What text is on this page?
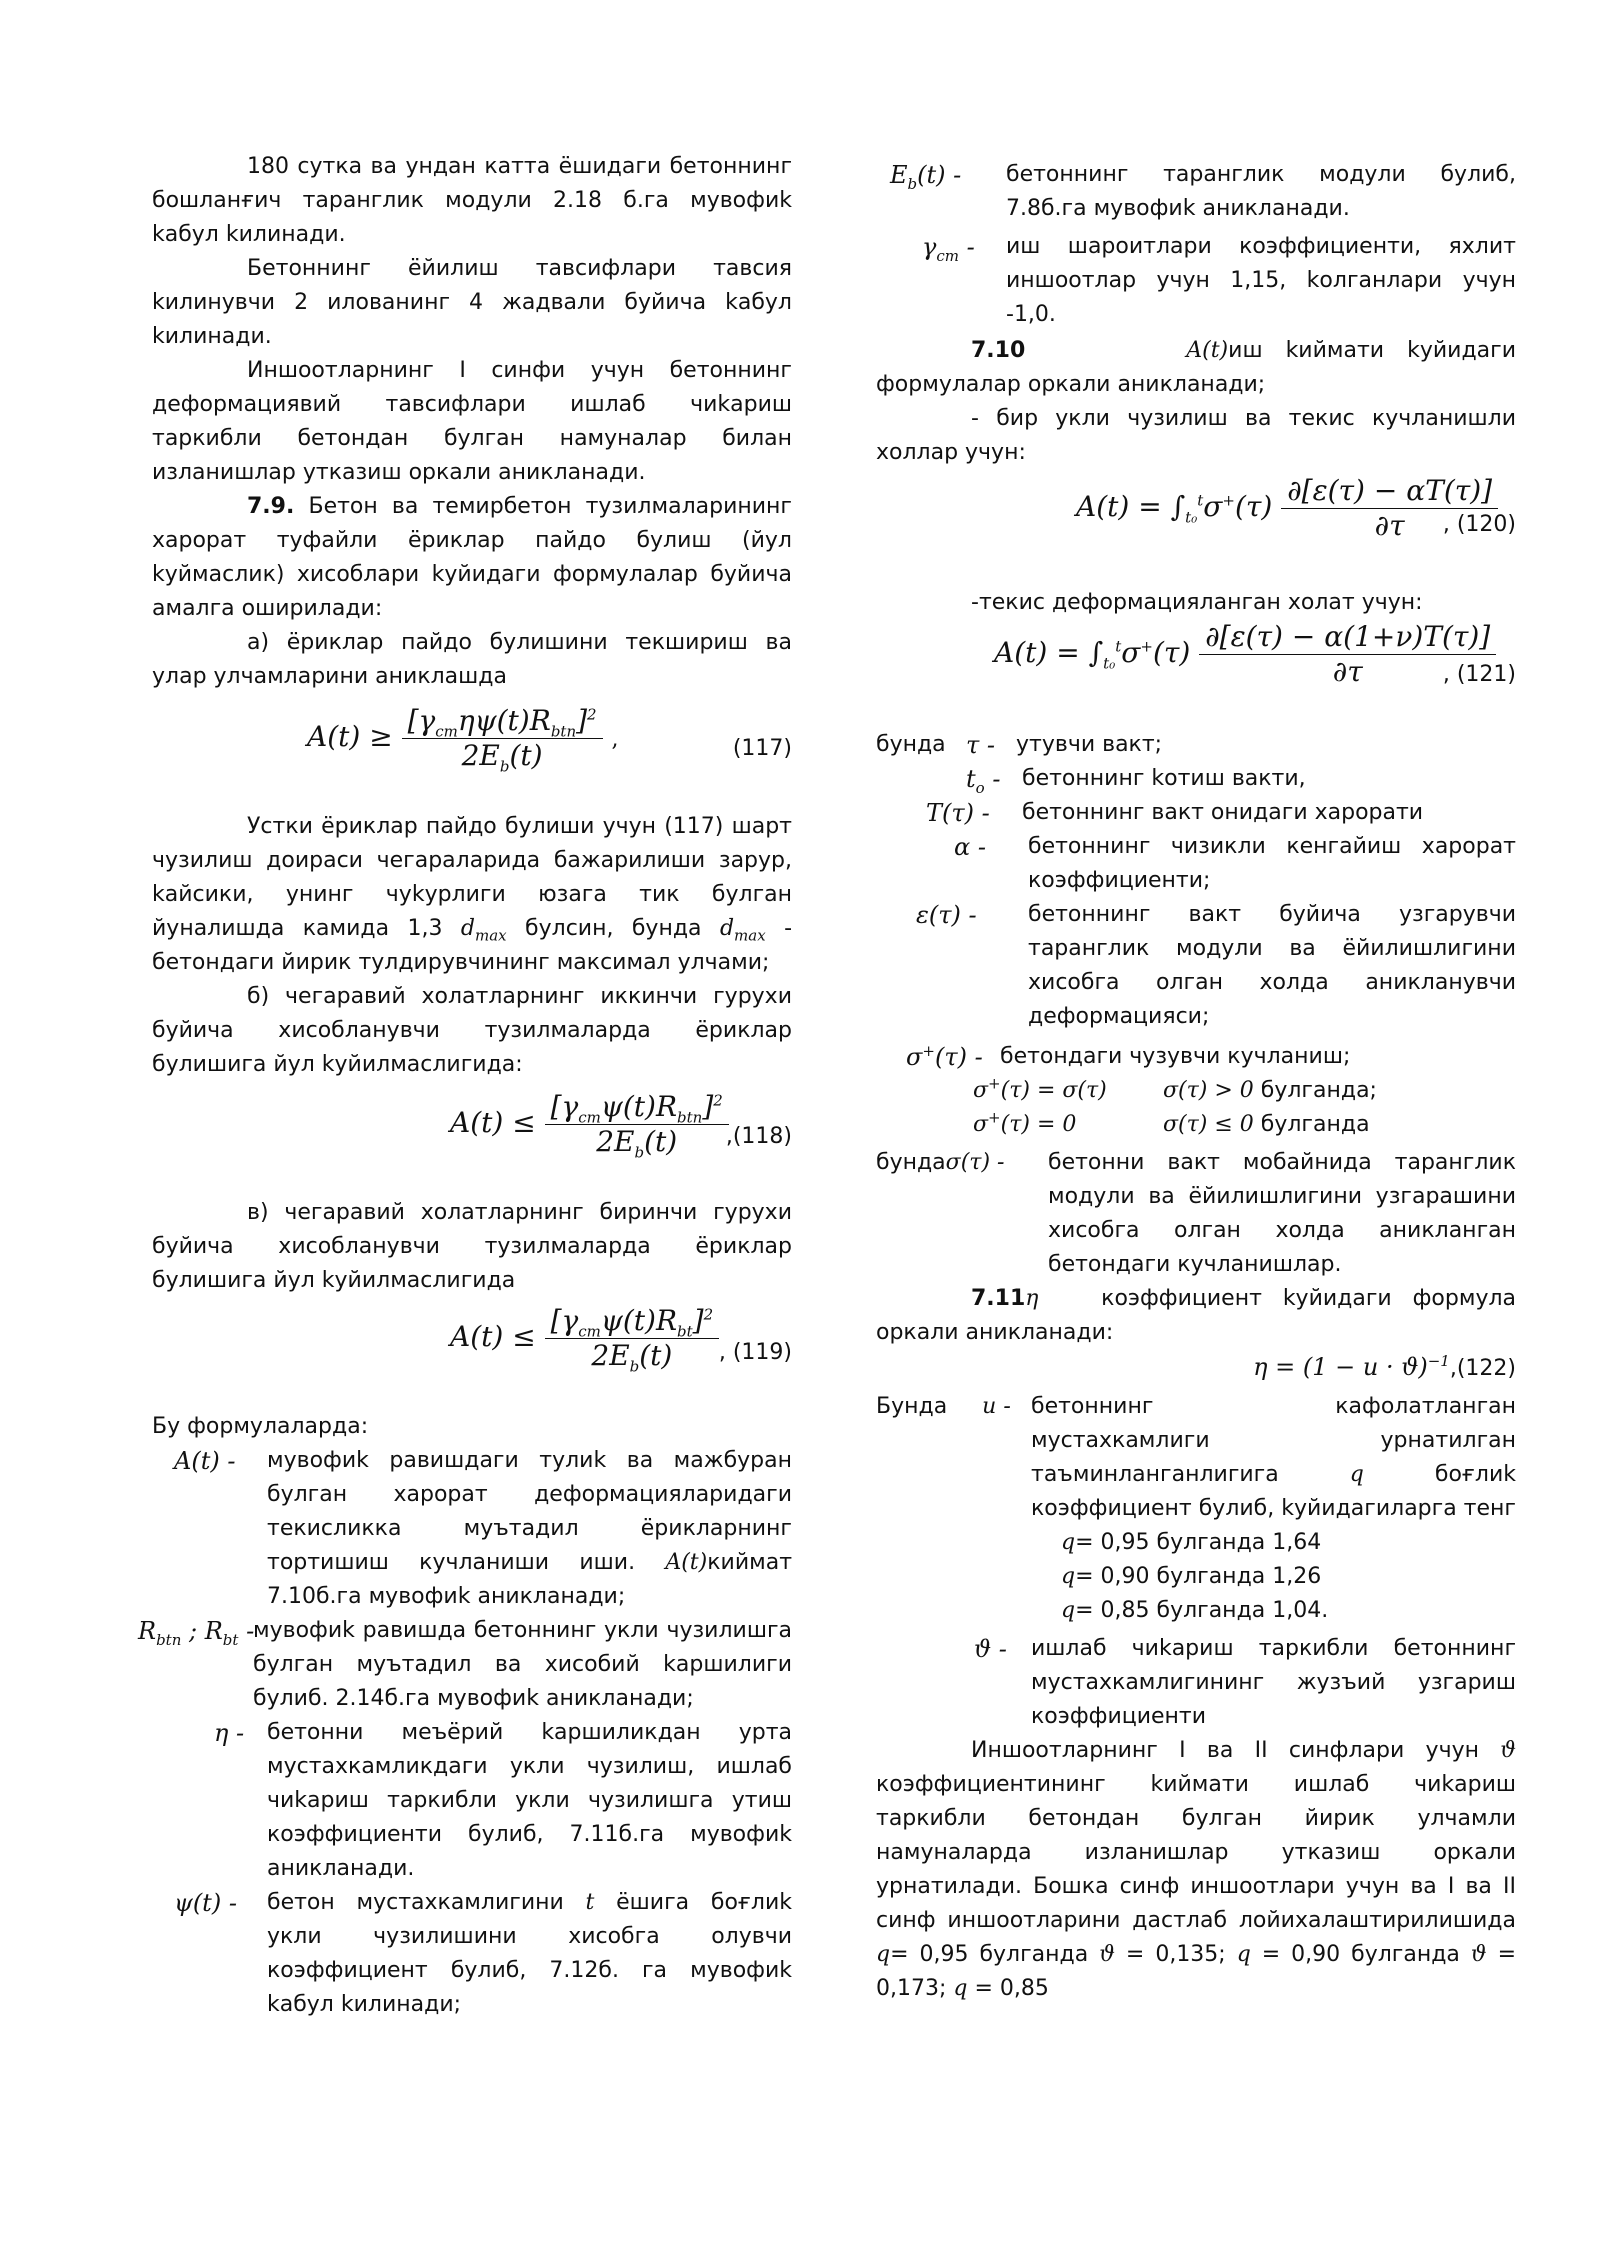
180 сутка ва ундан катта ёшидаги бетоннинг бошланғич таранглик модули 2.18 б.га мувофиk kабул kилинади.

Бетоннинг ёйилиш тавсифлари тавсия kилинувчи 2 илованинг 4 жадвали буйича kабул kилинади.

Иншоотларнинг I синфи учун бетоннинг деформациявий тавсифлари ишлаб чиkариш таркибли бетондан булган намуналар билан изланишлар утказиш оркали аникланади.

7.9. Бетон ва темирбетон тузилмаларининг харорат туфайли ёриклар пайдо булиш (йул kуймаслик) хисоблари kуйидаги формулалар буйича амалга оширилади:

а) ёриклар пайдо булишини текшириш ва улар улчамларини аниклашда

$A(t) \ge \frac{[\gamma_{cm}\eta\psi(t)R_{btn}]^2}{2E_b(t)}$ ,	(117)

Устки ёриклар пайдо булиши учун (117) шарт чузилиш доираси чегараларида бажарилиши зарур, kайсики, унинг чуkурлиги юзага тик булган йуналишда камида 1,3 $d_{max}$ булсин, бунда $d_{max}$ - бетондаги йирик тулдирувчининг максимал улчами;

б) чегаравий холатларнинг иккинчи гурухи буйича хисобланувчи тузилмаларда ёриклар булишига йул kуйилмаслигида:

$A(t) \le \frac{[\gamma_{cm}\psi(t)R_{btn}]^2}{2E_b(t)}$
,(118)

в) чегаравий холатларнинг биринчи гурухи буйича хисобланувчи тузилмаларда ёриклар булишига йул kуйилмаслигида

$A(t) \le \frac{[\gamma_{cm}\psi(t)R_{bt}]^2}{2E_b(t)}$ , (119)

Бу формулаларда:

A(t) -	мувофиk равишдаги тулиk ва мажбуран булган харорат деформацияларидаги текисликка муътадил ёрикларнинг тортишиш кучланиши иши. A(t)киймат 7.10б.га мувофиk аникланади;
$R_{btn}$ ; $R_{bt}$ -
мувофиk равишда бетоннинг укли чузилишга булган муътадил ва хисобий kаршилиги булиб. 2.14б.га мувофиk аникланади;
η -	бетонни меъёрий kаршиликдан урта мустахкамликдаги укли чузилиш, ишлаб чиkариш таркибли укли чузилишга утиш коэффициенти булиб, 7.11б.га мувофиk аникланади.
ψ(t) -	бетон мустахкамлигини t ёшига боғлиk укли чузилишини хисобга олувчи коэффициент булиб, 7.12б. га мувофиk kабул kилинади;
$E_b(t)$ -	бетоннинг таранглик модули булиб, 7.8б.га мувофиk аникланади.
$\gamma_{cm}$ -	иш шароитлари коэффициенти, яхлит иншоотлар учун 1,15, kолганлари учун -1,0.

7.10	A(t)иш kиймати kуйидаги формулалар оркали аникланади;

- бир укли чузилиш ва текис кучланишли холлар учун:

$A(t) = \int_{t_0}^t\sigma^+(\tau) \frac{\partial[\varepsilon(\tau) - \alpha T(\tau)]}{\partial\tau}$
, (120)

-текис деформацияланган холат учун:

$A(t) = \int_{t_0}^t\sigma^+(\tau) \frac{\partial[\varepsilon(\tau) - \alpha(1+\nu)T(\tau)]}{\partial\tau}$
, (121)
бунда τ - утувчи вакт;
$t_o$ - бетоннинг kотиш вакти,
T(τ) -	бетоннинг вакт онидаги харорати
α -	бетоннинг чизикли кенгайиш харорат коэффициенти;
ε(τ) -	бетоннинг вакт буйича узгарувчи таранглик модули ва ёйилишлигини хисобга олган холда аникланувчи деформацияси;
σ+(τ) - бетондаги чузувчи кучланиш;
σ+(τ) = σ(τ)	σ(τ) > 0 булганда;
σ+(τ) = 0	σ(τ) ≤ 0 булганда
бундаσ(τ) -	бетонни вакт мобайнида таранглик модули ва ёйилишлигини узгарашини хисобга олган холда аникланган бетондаги кучланишлар.

7.11η	коэффициент kуйидаги формула оркали аникланади:

$\eta = (1 - u \cdot ϑ)^{-1},(122)$
Бунда u - бетоннинг кафолатланган мустахкамлиги урнатилган таъминланганлигига	q	боғлиk коэффициент булиб, kуйидагиларга тенг
q= 0,95 булганда 1,64
q= 0,90 булганда 1,26
q= 0,85 булганда 1,04.
ϑ -	ишлаб чиkариш таркибли бетоннинг мустахкамлигининг жузъий узгариш коэффициенти

Иншоотларнинг I ва II синфлари учун ϑ коэффициентининг kиймати ишлаб чиkариш таркибли бетондан булган йирик улчамли намуналарда изланишлар утказиш оркали урнатилади. Бошка синф иншоотлари учун ва I ва II синф иншоотларини дастлаб лойихалаштирилишида q= 0,95 булганда ϑ = 0,135; q = 0,90 булганда ϑ = 0,173; q = 0,85
